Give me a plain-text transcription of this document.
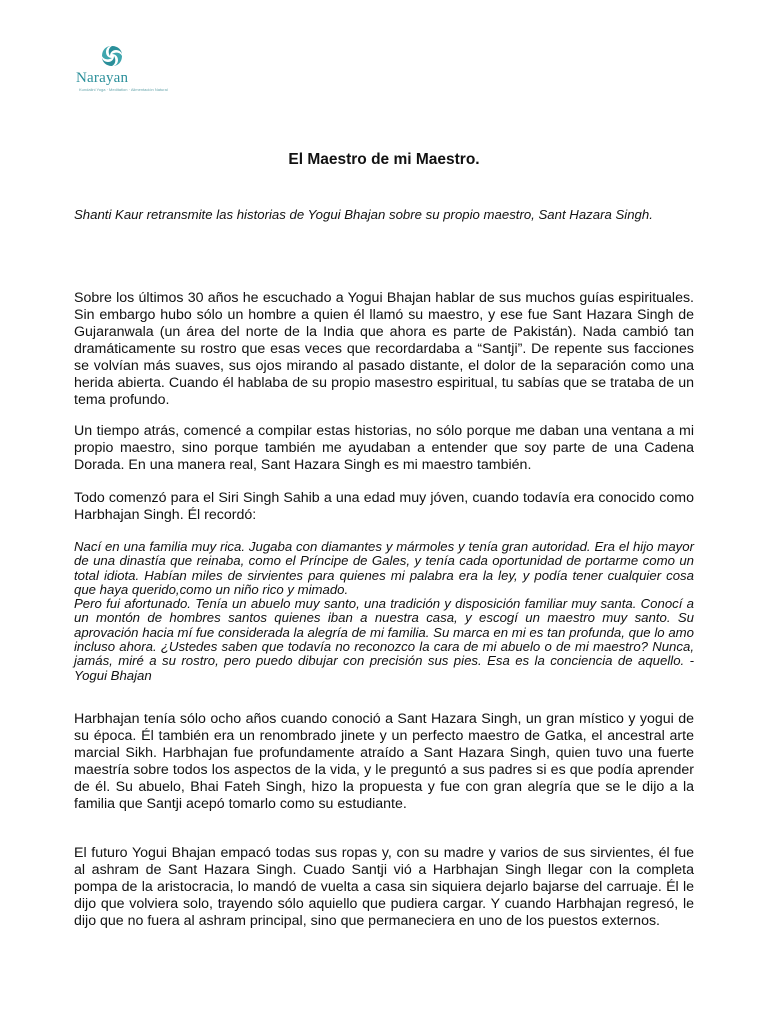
Narayan
Kundalini Yoga · Meditation · Alimentación Natural
El Maestro de mi Maestro.

Shanti Kaur retransmite las historias de Yogui Bhajan sobre su propio maestro, Sant Hazara Singh.

Sobre los últimos 30 años he escuchado a Yogui Bhajan hablar de sus muchos guías espirituales. Sin embargo hubo sólo un hombre a quien él llamó su maestro, y ese fue Sant Hazara Singh de Gujaranwala (un área del norte de la India que ahora es parte de Pakistán). Nada cambió tan dramáticamente su rostro que esas veces que recordardaba a “Santji”. De repente sus facciones se volvían más suaves, sus ojos mirando al pasado distante, el dolor de la separación como una herida abierta. Cuando él hablaba de su propio masestro espiritual, tu sabías que se trataba de un tema profundo.

Un tiempo atrás, comencé a compilar estas historias, no sólo porque me daban una ventana a mi propio maestro, sino porque también me ayudaban a entender que soy parte de una Cadena Dorada. En una manera real, Sant Hazara Singh es mi maestro también.

Todo comenzó para el Siri Singh Sahib a una edad muy jóven, cuando todavía era conocido como Harbhajan Singh. Él recordó:

Nací en una familia muy rica. Jugaba con diamantes y mármoles y tenía gran autoridad. Era el hijo mayor de una dinastía que reinaba, como el Príncipe de Gales, y tenía cada oportunidad de portarme como un total idiota. Habían miles de sirvientes para quienes mi palabra era la ley, y podía tener cualquier cosa que haya querido,como un niño rico y mimado.

Pero fui afortunado. Tenía un abuelo muy santo, una tradición y disposición familiar muy santa. Conocí a un montón de hombres santos quienes iban a nuestra casa, y escogí un maestro muy santo. Su aprovación hacia mí fue considerada la alegría de mi familia. Su marca en mi es tan profunda, que lo amo incluso ahora. ¿Ustedes saben que todavía no reconozco la cara de mi abuelo o de mi maestro? Nunca, jamás, miré a su rostro, pero puedo dibujar con precisión sus pies. Esa es la conciencia de aquello. -Yogui Bhajan

Harbhajan tenía sólo ocho años cuando conoció a Sant Hazara Singh, un gran místico y yogui de su época. Él también era un renombrado jinete y un perfecto maestro de Gatka, el ancestral arte marcial Sikh. Harbhajan fue profundamente atraído a Sant Hazara Singh, quien tuvo una fuerte maestría sobre todos los aspectos de la vida, y le preguntó a sus padres si es que podía aprender de él. Su abuelo, Bhai Fateh Singh, hizo la propuesta y fue con gran alegría que se le dijo a la familia que Santji acepó tomarlo como su estudiante.

El futuro Yogui Bhajan empacó todas sus ropas y, con su madre y varios de sus sirvientes, él fue al ashram de Sant Hazara Singh. Cuado Santji vió a Harbhajan Singh llegar con la completa pompa de la aristocracia, lo mandó de vuelta a casa sin siquiera dejarlo bajarse del carruaje. Él le dijo que volviera solo, trayendo sólo aquiello que pudiera cargar. Y cuando Harbhajan regresó, le dijo que no fuera al ashram principal, sino que permaneciera en uno de los puestos externos.
